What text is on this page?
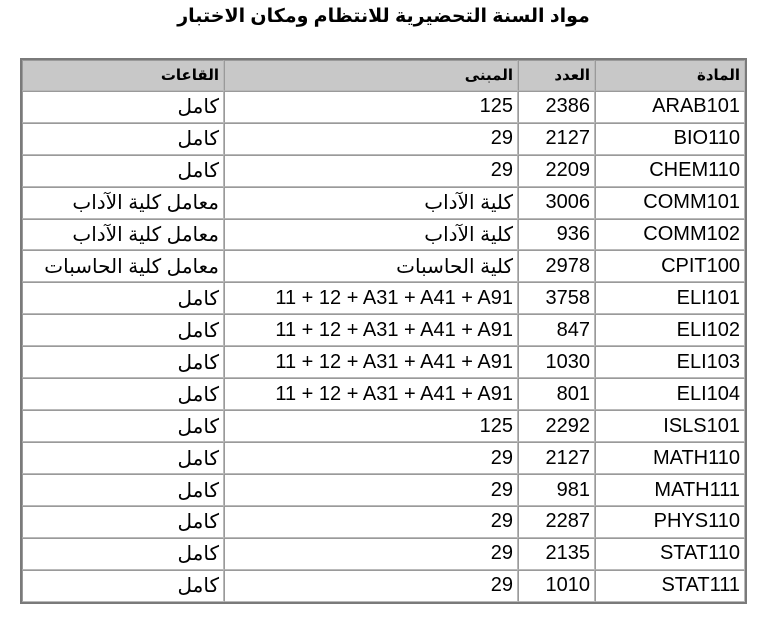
مواد السنة التحضيرية للانتظام ومكان الاختبار
القاعات	المبنى	العدد	المادة
كامل	125	2386	ARAB101
كامل	29	2127	BIO110
كامل	29	2209	CHEM110
معامل كلية الآداب	كلية الآداب	3006	COMM101
معامل كلية الآداب	كلية الآداب	936	COMM102
معامل كلية الحاسبات	كلية الحاسبات	2978	CPIT100
كامل	11 + 12 + A31 + A41 + A91	3758	ELI101
كامل	11 + 12 + A31 + A41 + A91	847	ELI102
كامل	11 + 12 + A31 + A41 + A91	1030	ELI103
كامل	11 + 12 + A31 + A41 + A91	801	ELI104
كامل	125	2292	ISLS101
كامل	29	2127	MATH110
كامل	29	981	MATH111
كامل	29	2287	PHYS110
كامل	29	2135	STAT110
كامل	29	1010	STAT111
